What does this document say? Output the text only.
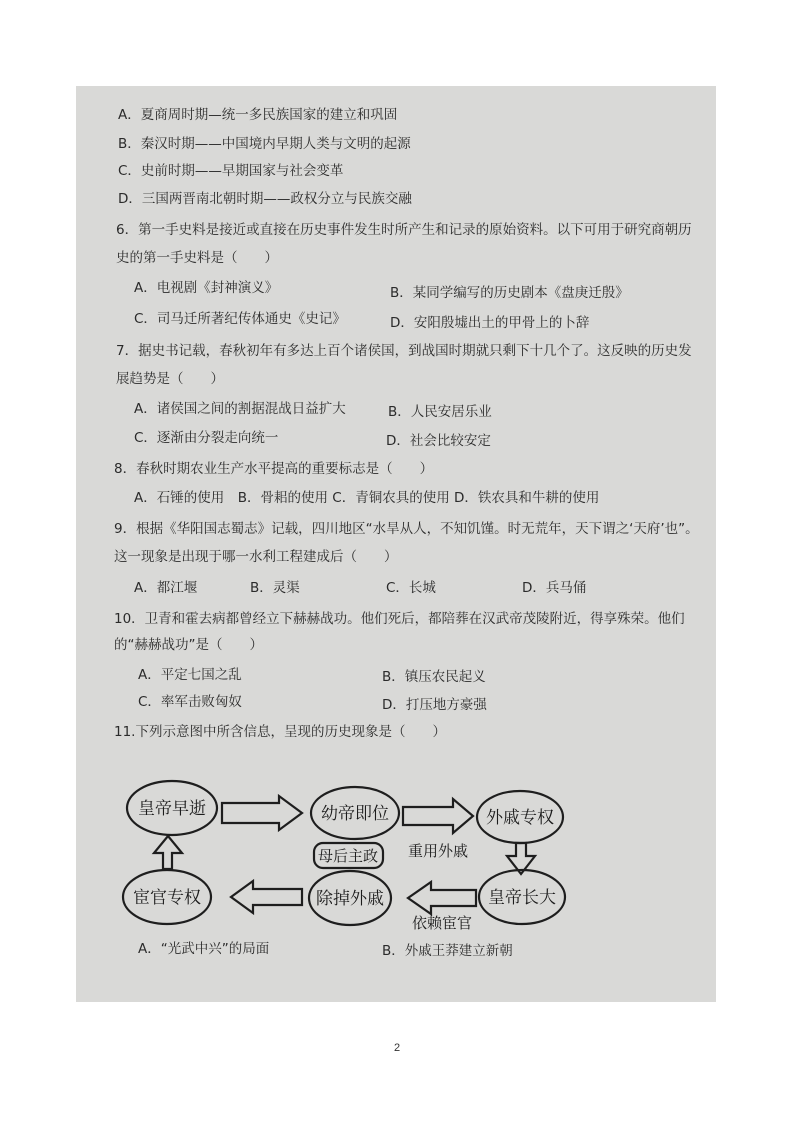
A．夏商周时期—统一多民族国家的建立和巩固
B．秦汉时期——中国境内早期人类与文明的起源
C．史前时期——早期国家与社会变革
D．三国两晋南北朝时期——政权分立与民族交融
6．第一手史料是接近或直接在历史事件发生时所产生和记录的原始资料。以下可用于研究商朝历
史的第一手史料是（　　）
A．电视剧《封神演义》	B．某同学编写的历史剧本《盘庚迁殷》
C．司马迁所著纪传体通史《史记》	D．安阳殷墟出土的甲骨上的卜辞
7．据史书记载，春秋初年有多达上百个诸侯国，到战国时期就只剩下十几个了。这反映的历史发
展趋势是（　　）
A．诸侯国之间的割据混战日益扩大	B．人民安居乐业
C．逐渐由分裂走向统一	D．社会比较安定
8．春秋时期农业生产水平提高的重要标志是（　　）
A．石锤的使用　B．骨耜的使用 C．青铜农具的使用 D．铁农具和牛耕的使用
9．根据《华阳国志蜀志》记载，四川地区“水旱从人，不知饥馑。时无荒年，天下谓之‘天府’也”。
这一现象是出现于哪一水利工程建成后（　　）
A．都江堰	B．灵渠	C．长城	D．兵马俑
10．卫青和霍去病都曾经立下赫赫战功。他们死后，都陪葬在汉武帝茂陵附近，得享殊荣。他们
的“赫赫战功”是（　　）
A．平定七国之乱	B．镇压农民起义
C．率军击败匈奴	D．打压地方豪强
11.下列示意图中所含信息，呈现的历史现象是（　　）
皇帝早逝	幼帝即位	外戚专权
皇帝长大
除掉外戚
宦官专权
母后主政 重用外戚
依赖宦官
A．“光武中兴”的局面	B．外戚王莽建立新朝
2
